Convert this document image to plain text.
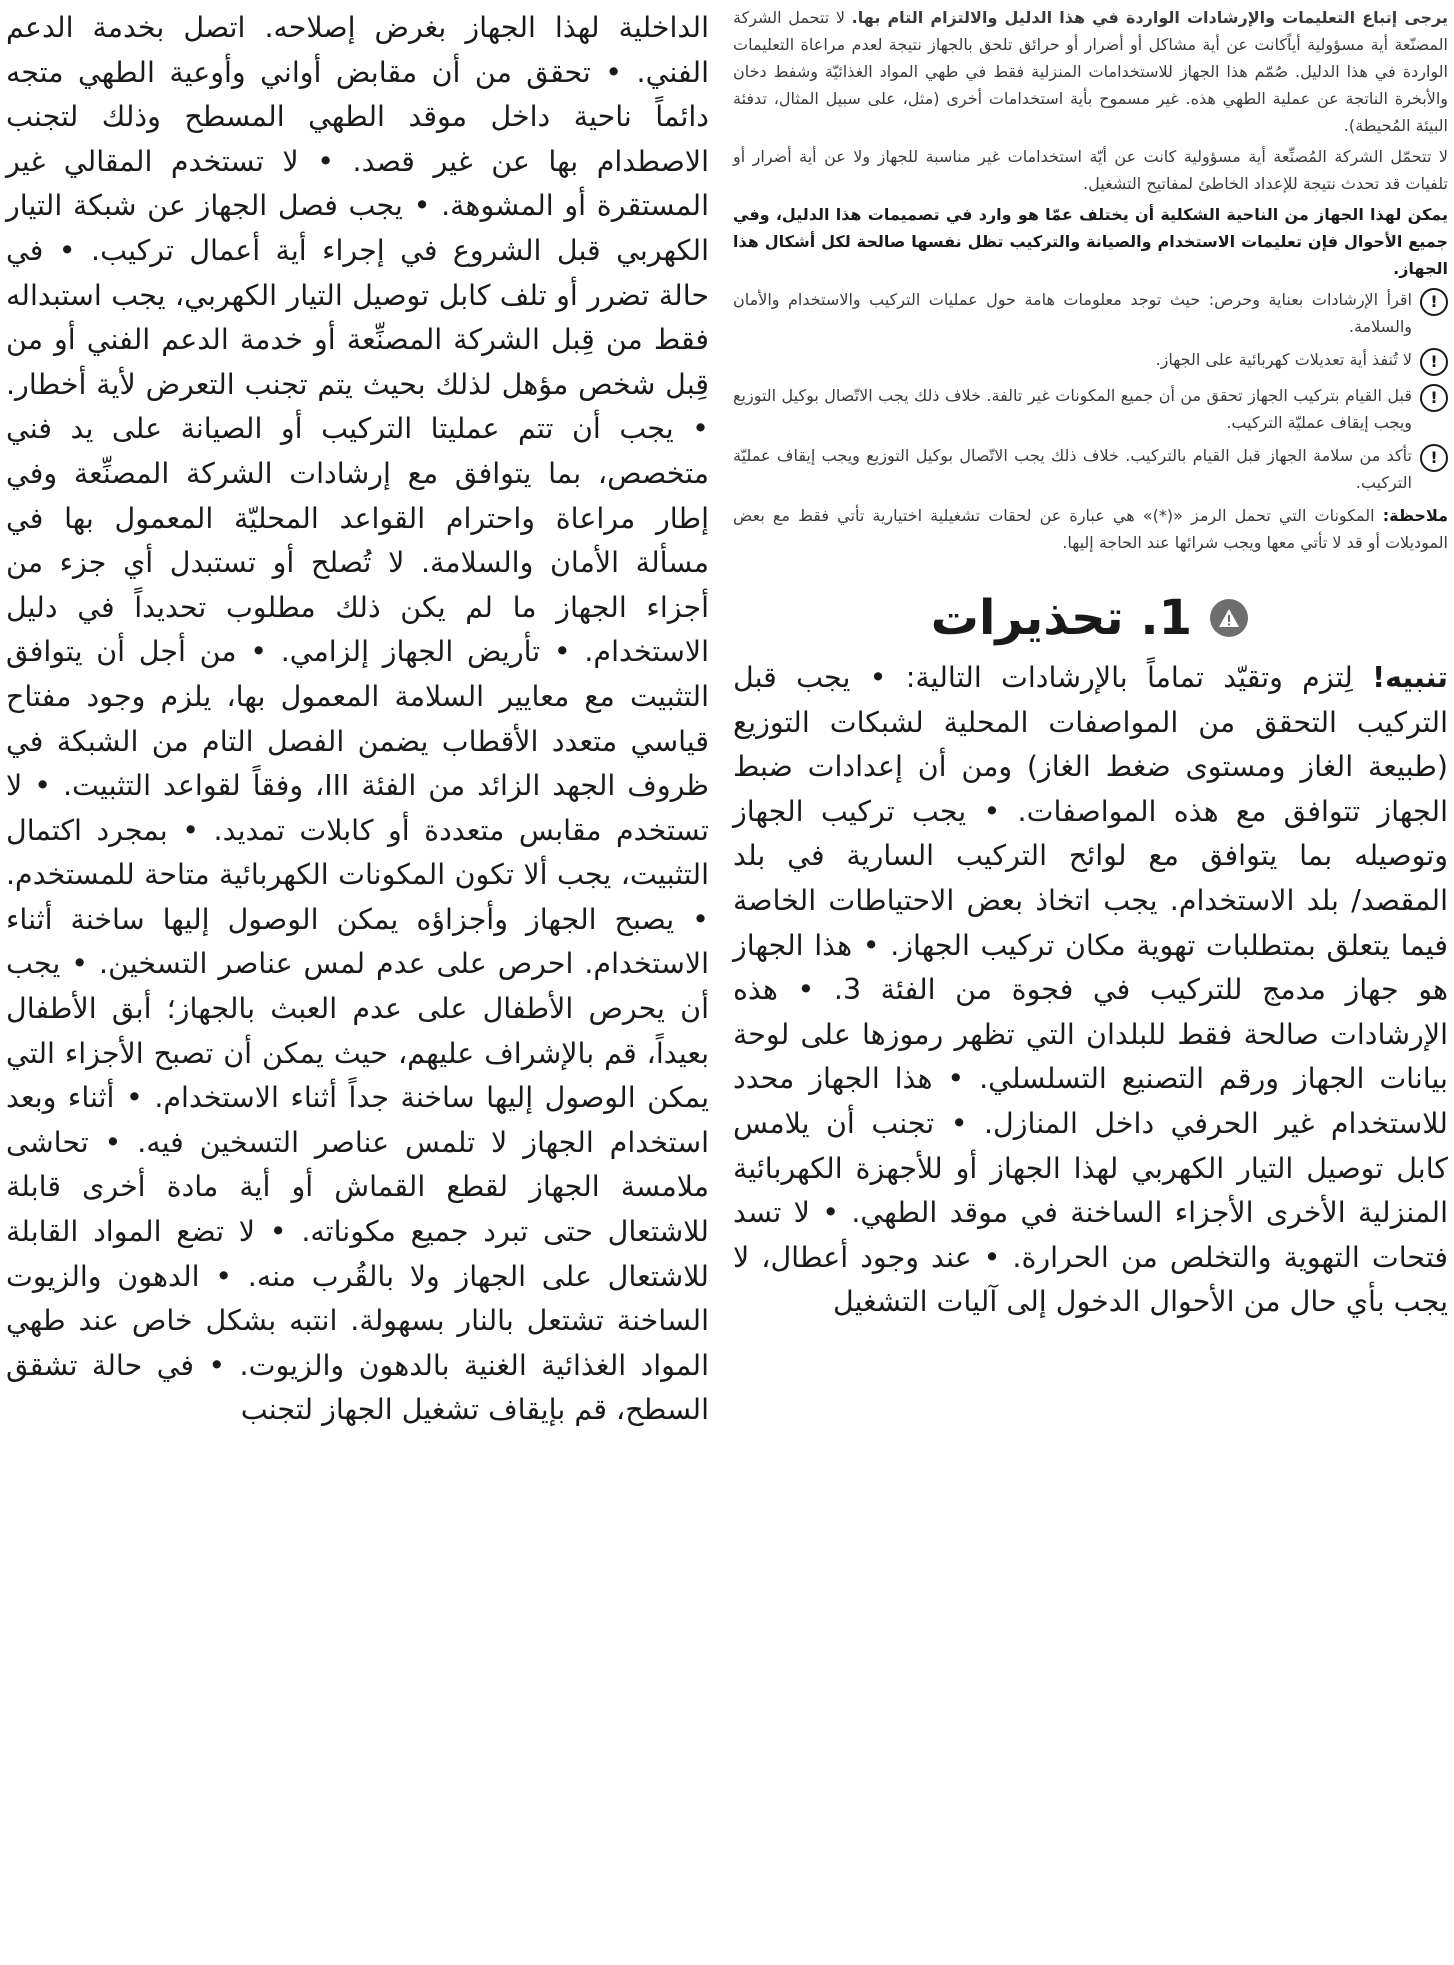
يرجى إتباع التعليمات والإرشادات الواردة في هذا الدليل والالتزام التام بها. لا تتحمل الشركة المصنّعة أية مسؤولية أياًكانت عن أية مشاكل أو أضرار أو حرائق تلحق بالجهاز نتيجة لعدم مراعاة التعليمات الواردة في هذا الدليل. صُمّم هذا الجهاز للاستخدامات المنزلية فقط في طهي المواد الغذائيّة وشفط دخان والأبخرة الناتجة عن عملية الطهي هذه. غير مسموح بأية استخدامات أخرى (مثل، على سبيل المثال، تدفئة البيئة المُحيطة).

لا تتحمّل الشركة المُصنِّعة أية مسؤولية كانت عن أيّة استخدامات غير مناسبة للجهاز ولا عن أية أضرار أو تلفيات قد تحدث نتيجة للإعداد الخاطئ لمفاتيح التشغيل.

يمكن لهذا الجهاز من الناحية الشكلية أن يختلف عمّا هو وارد في تصميمات هذا الدليل، وفي جميع الأحوال فإن تعليمات الاستخدام والصيانة والتركيب تظل نفسها صالحة لكل أشكال هذا الجهاز.

!
اقرأ الإرشادات بعناية وحرص: حيث توجد معلومات هامة حول عمليات التركيب والاستخدام والأمان والسلامة.
!
لا تُنفذ أية تعديلات كهربائية على الجهاز.
!
قبل القيام بتركيب الجهاز تحقق من أن جميع المكونات غير تالفة. خلاف ذلك يجب الاتّصال بوكيل التوزيع ويجب إيقاف عمليّة التركيب.
!
تأكد من سلامة الجهاز قبل القيام بالتركيب. خلاف ذلك يجب الاتّصال بوكيل التوزيع ويجب إيقاف عمليّة التركيب.

ملاحظة: المكونات التي تحمل الرمز «(*)» هي عبارة عن لحقات تشغيلية اختيارية تأتي فقط مع بعض الموديلات أو قد لا تأتي معها ويجب شرائها عند الحاجة إليها.

1. تحذيرات

تنبيه! لِتزم وتقيّد تماماً بالإرشادات التالية: • يجب قبل التركيب التحقق من المواصفات المحلية لشبكات التوزيع (طبيعة الغاز ومستوى ضغط الغاز) ومن أن إعدادات ضبط الجهاز تتوافق مع هذه المواصفات. • يجب تركيب الجهاز وتوصيله بما يتوافق مع لوائح التركيب السارية في بلد المقصد/ بلد الاستخدام. يجب اتخاذ بعض الاحتياطات الخاصة فيما يتعلق بمتطلبات تهوية مكان تركيب الجهاز. • هذا الجهاز هو جهاز مدمج للتركيب في فجوة من الفئة 3. • هذه الإرشادات صالحة فقط للبلدان التي تظهر رموزها على لوحة بيانات الجهاز ورقم التصنيع التسلسلي. • هذا الجهاز محدد للاستخدام غير الحرفي داخل المنازل. • تجنب أن يلامس كابل توصيل التيار الكهربي لهذا الجهاز أو للأجهزة الكهربائية المنزلية الأخرى الأجزاء الساخنة في موقد الطهي. • لا تسد فتحات التهوية والتخلص من الحرارة. • عند وجود أعطال، لا يجب بأي حال من الأحوال الدخول إلى آليات التشغيل

الداخلية لهذا الجهاز بغرض إصلاحه. اتصل بخدمة الدعم الفني. • تحقق من أن مقابض أواني وأوعية الطهي متجه دائماً ناحية داخل موقد الطهي المسطح وذلك لتجنب الاصطدام بها عن غير قصد. • لا تستخدم المقالي غير المستقرة أو المشوهة. • يجب فصل الجهاز عن شبكة التيار الكهربي قبل الشروع في إجراء أية أعمال تركيب. • في حالة تضرر أو تلف كابل توصيل التيار الكهربي، يجب استبداله فقط من قِبل الشركة المصنِّعة أو خدمة الدعم الفني أو من قِبل شخص مؤهل لذلك بحيث يتم تجنب التعرض لأية أخطار. • يجب أن تتم عمليتا التركيب أو الصيانة على يد فني متخصص، بما يتوافق مع إرشادات الشركة المصنِّعة وفي إطار مراعاة واحترام القواعد المحليّة المعمول بها في مسألة الأمان والسلامة. لا تُصلح أو تستبدل أي جزء من أجزاء الجهاز ما لم يكن ذلك مطلوب تحديداً في دليل الاستخدام. • تأريض الجهاز إلزامي. • من أجل أن يتوافق التثبيت مع معايير السلامة المعمول بها، يلزم وجود مفتاح قياسي متعدد الأقطاب يضمن الفصل التام من الشبكة في ظروف الجهد الزائد من الفئة III، وفقاً لقواعد التثبيت. • لا تستخدم مقابس متعددة أو كابلات تمديد. • بمجرد اكتمال التثبيت، يجب ألا تكون المكونات الكهربائية متاحة للمستخدم. • يصبح الجهاز وأجزاؤه يمكن الوصول إليها ساخنة أثناء الاستخدام. احرص على عدم لمس عناصر التسخين. • يجب أن يحرص الأطفال على عدم العبث بالجهاز؛ أبق الأطفال بعيداً، قم بالإشراف عليهم، حيث يمكن أن تصبح الأجزاء التي يمكن الوصول إليها ساخنة جداً أثناء الاستخدام. • أثناء وبعد استخدام الجهاز لا تلمس عناصر التسخين فيه. • تحاشى ملامسة الجهاز لقطع القماش أو أية مادة أخرى قابلة للاشتعال حتى تبرد جميع مكوناته. • لا تضع المواد القابلة للاشتعال على الجهاز ولا بالقُرب منه. • الدهون والزيوت الساخنة تشتعل بالنار بسهولة. انتبه بشكل خاص عند طهي المواد الغذائية الغنية بالدهون والزيوت. • في حالة تشقق السطح، قم بإيقاف تشغيل الجهاز لتجنب
